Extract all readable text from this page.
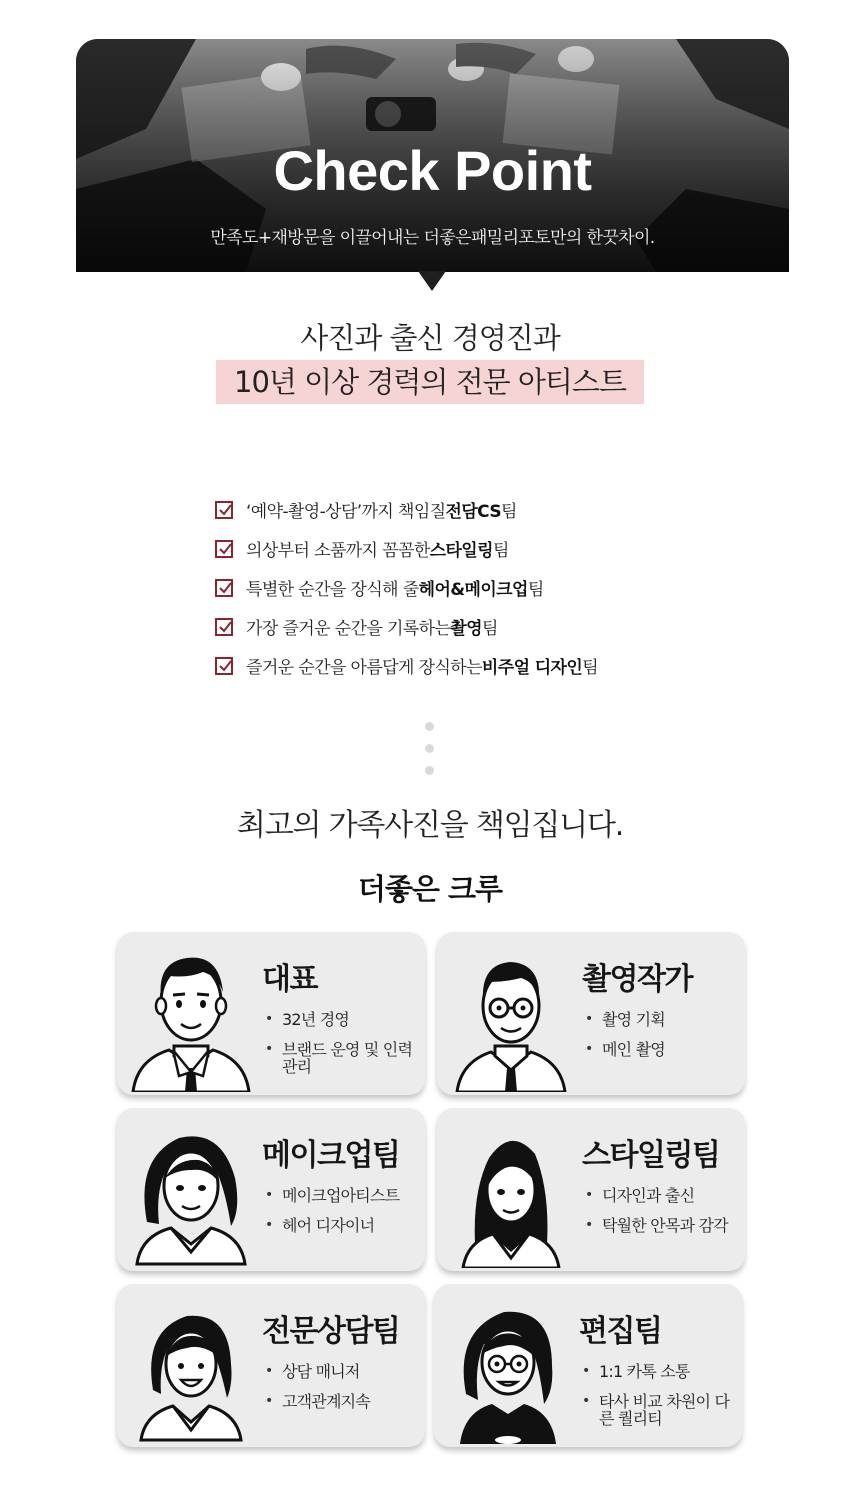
Check Point
만족도+재방문을 이끌어내는 더좋은패밀리포토만의 한끗차이.
사진과 출신 경영진과
10년 이상 경력의 전문 아티스트
‘예약-촬영-상담’까지 책임질 전담CS 팀
의상부터 소품까지 꼼꼼한 스타일링 팀
특별한 순간을 장식해 줄 헤어&메이크업 팀
가장 즐거운 순간을 기록하는 촬영 팀
즐거운 순간을 아름답게 장식하는 비주얼 디자인 팀
최고의 가족사진을 책임집니다.
더좋은 크루
대표
• 32년 경영
• 브랜드 운영 및 인력 관리
촬영작가
• 촬영 기획
• 메인 촬영
메이크업팀
• 메이크업아티스트
• 헤어 디자이너
스타일링팀
• 디자인과 출신
• 탁월한 안목과 감각
전문상담팀
• 상담 매니저
• 고객관계지속
편집팀
• 1:1 카톡 소통
• 타사 비교 차원이 다른 퀄리티
